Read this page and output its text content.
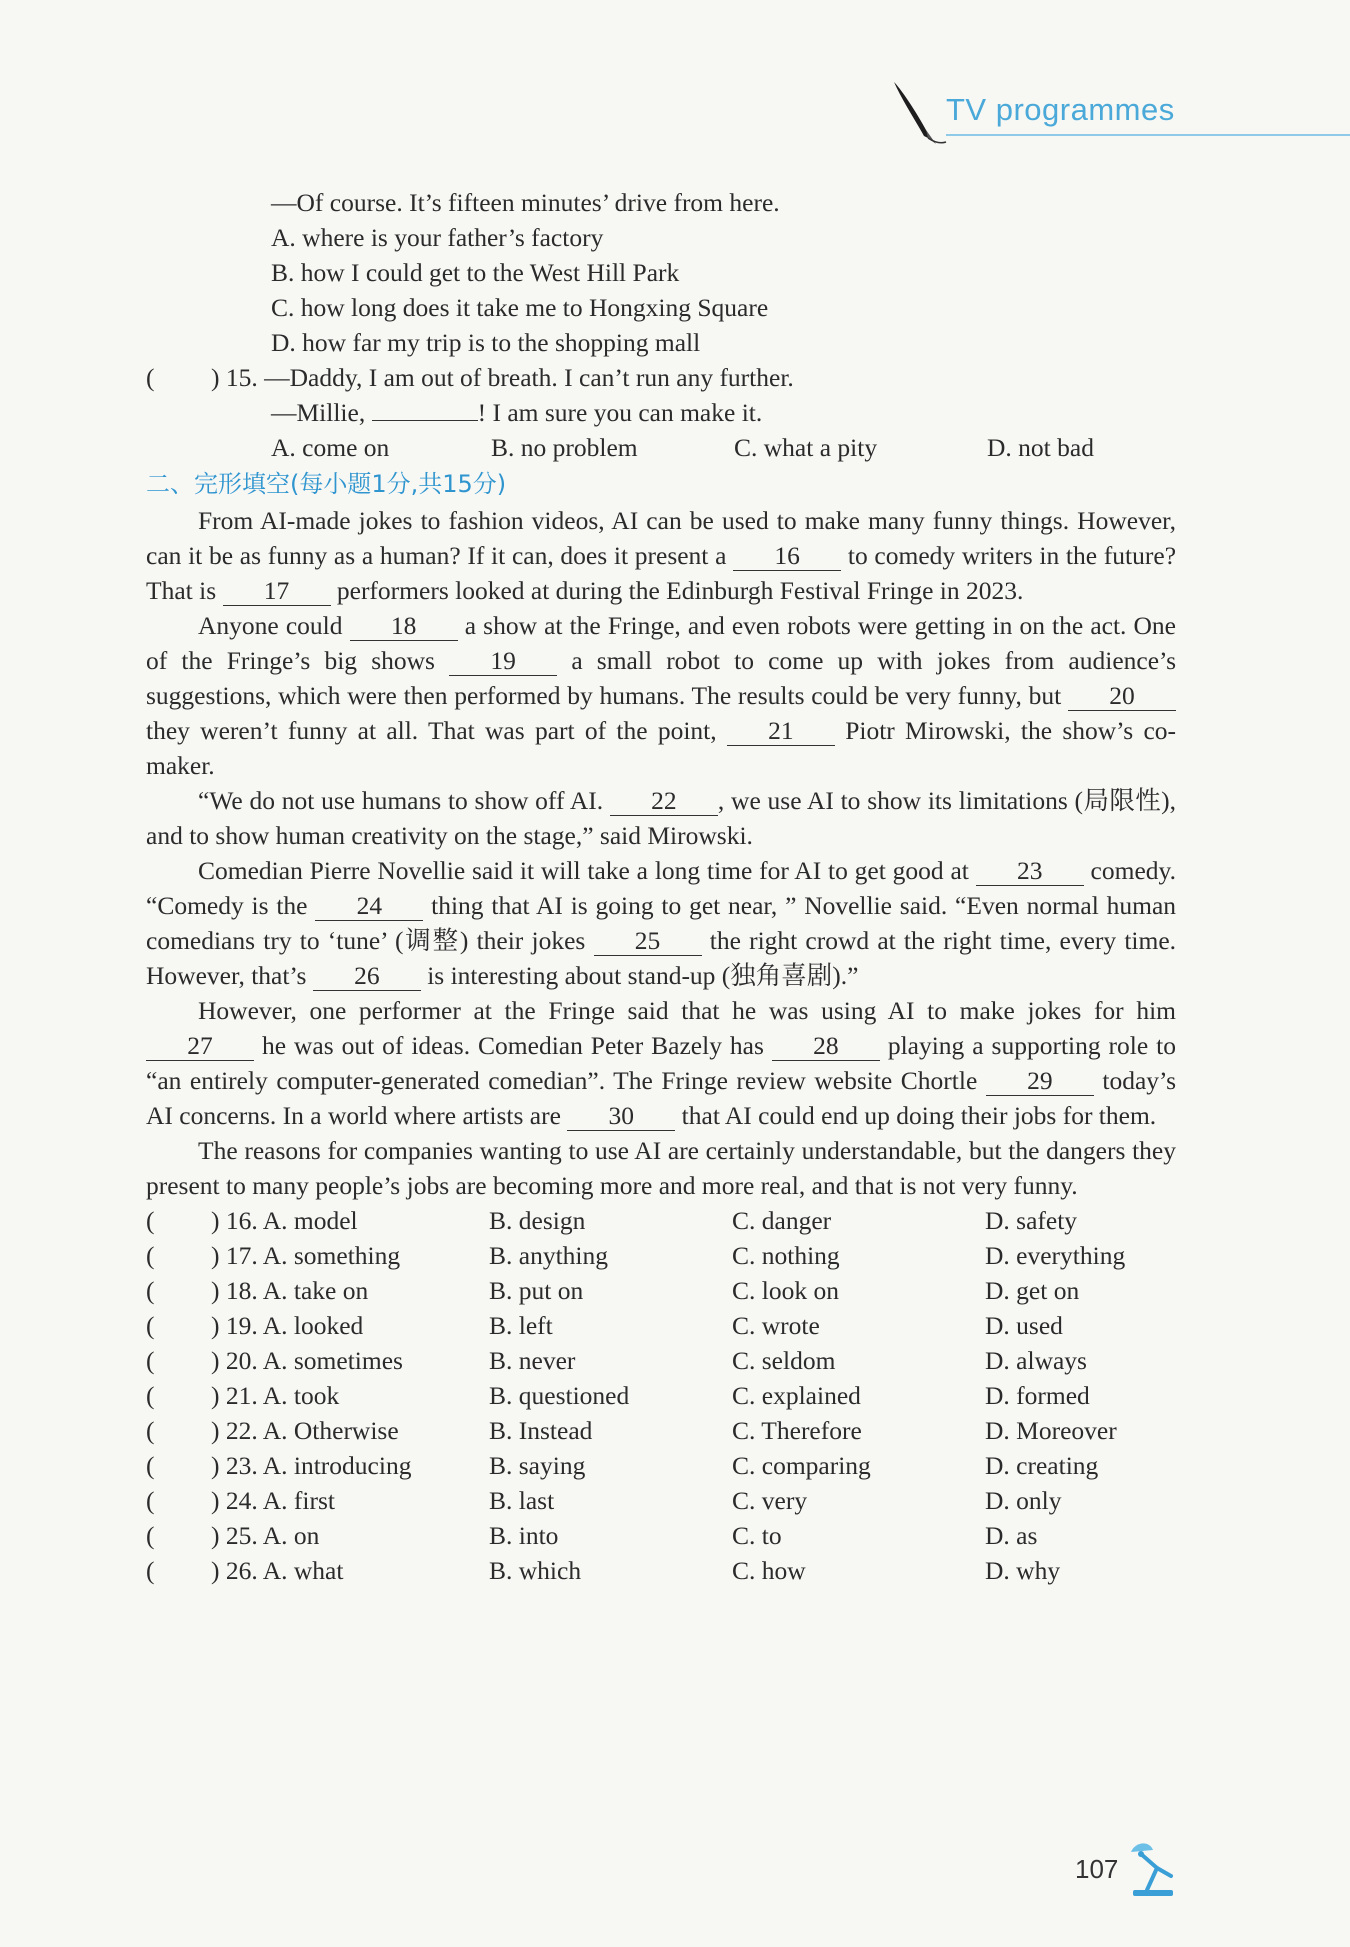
TV programmes
—Of course. It’s fifteen minutes’ drive from here.
A. where is your father’s factory
B. how I could get to the West Hill Park
C. how long does it take me to Hongxing Square
D. how far my trip is to the shopping mall
( ) 15. —Daddy, I am out of breath. I can’t run any further.
—Millie,	! I am sure you can make it.
A. come on	B. no problem	C. what a pity	D. not bad
二、完形填空(每小题1分,共15分)

From AI-made jokes to fashion videos, AI can be used to make many funny things. However, can it be as funny as a human? If it can, does it present a 16 to comedy writers in the future? That is 17 performers looked at during the Edinburgh Festival Fringe in 2023.

Anyone could 18 a show at the Fringe, and even robots were getting in on the act. One of the Fringe’s big shows 19 a small robot to come up with jokes from audience’s suggestions, which were then performed by humans. The results could be very funny, but 20 they weren’t funny at all. That was part of the point, 21 Piotr Mirowski, the show’s co-maker.

“We do not use humans to show off AI. 22 , we use AI to show its limitations (局限性), and to show human creativity on the stage,” said Mirowski.

Comedian Pierre Novellie said it will take a long time for AI to get good at 23 comedy. “Comedy is the 24 thing that AI is going to get near, ” Novellie said. “Even normal human comedians try to ‘tune’ (调整) their jokes 25 the right crowd at the right time, every time. However, that’s 26 is interesting about stand-up (独角喜剧).”

However, one performer at the Fringe said that he was using AI to make jokes for him 27 he was out of ideas. Comedian Peter Bazely has 28 playing a supporting role to “an entirely computer-generated comedian”. The Fringe review website Chortle 29 today’s AI concerns. In a world where artists are 30 that AI could end up doing their jobs for them.

The reasons for companies wanting to use AI are certainly understandable, but the dangers they present to many people’s jobs are becoming more and more real, and that is not very funny.

(	) 16. A. model	B. design	C. danger	D. safety
(	) 17. A. something	B. anything	C. nothing	D. everything
(	) 18. A. take on	B. put on	C. look on	D. get on
(	) 19. A. looked	B. left	C. wrote	D. used
(	) 20. A. sometimes	B. never	C. seldom	D. always
(	) 21. A. took	B. questioned	C. explained	D. formed
(	) 22. A. Otherwise	B. Instead	C. Therefore	D. Moreover
(	) 23. A. introducing	B. saying	C. comparing	D. creating
(	) 24. A. first	B. last	C. very	D. only
(	) 25. A. on	B. into	C. to	D. as
(	) 26. A. what	B. which	C. how	D. why
107
